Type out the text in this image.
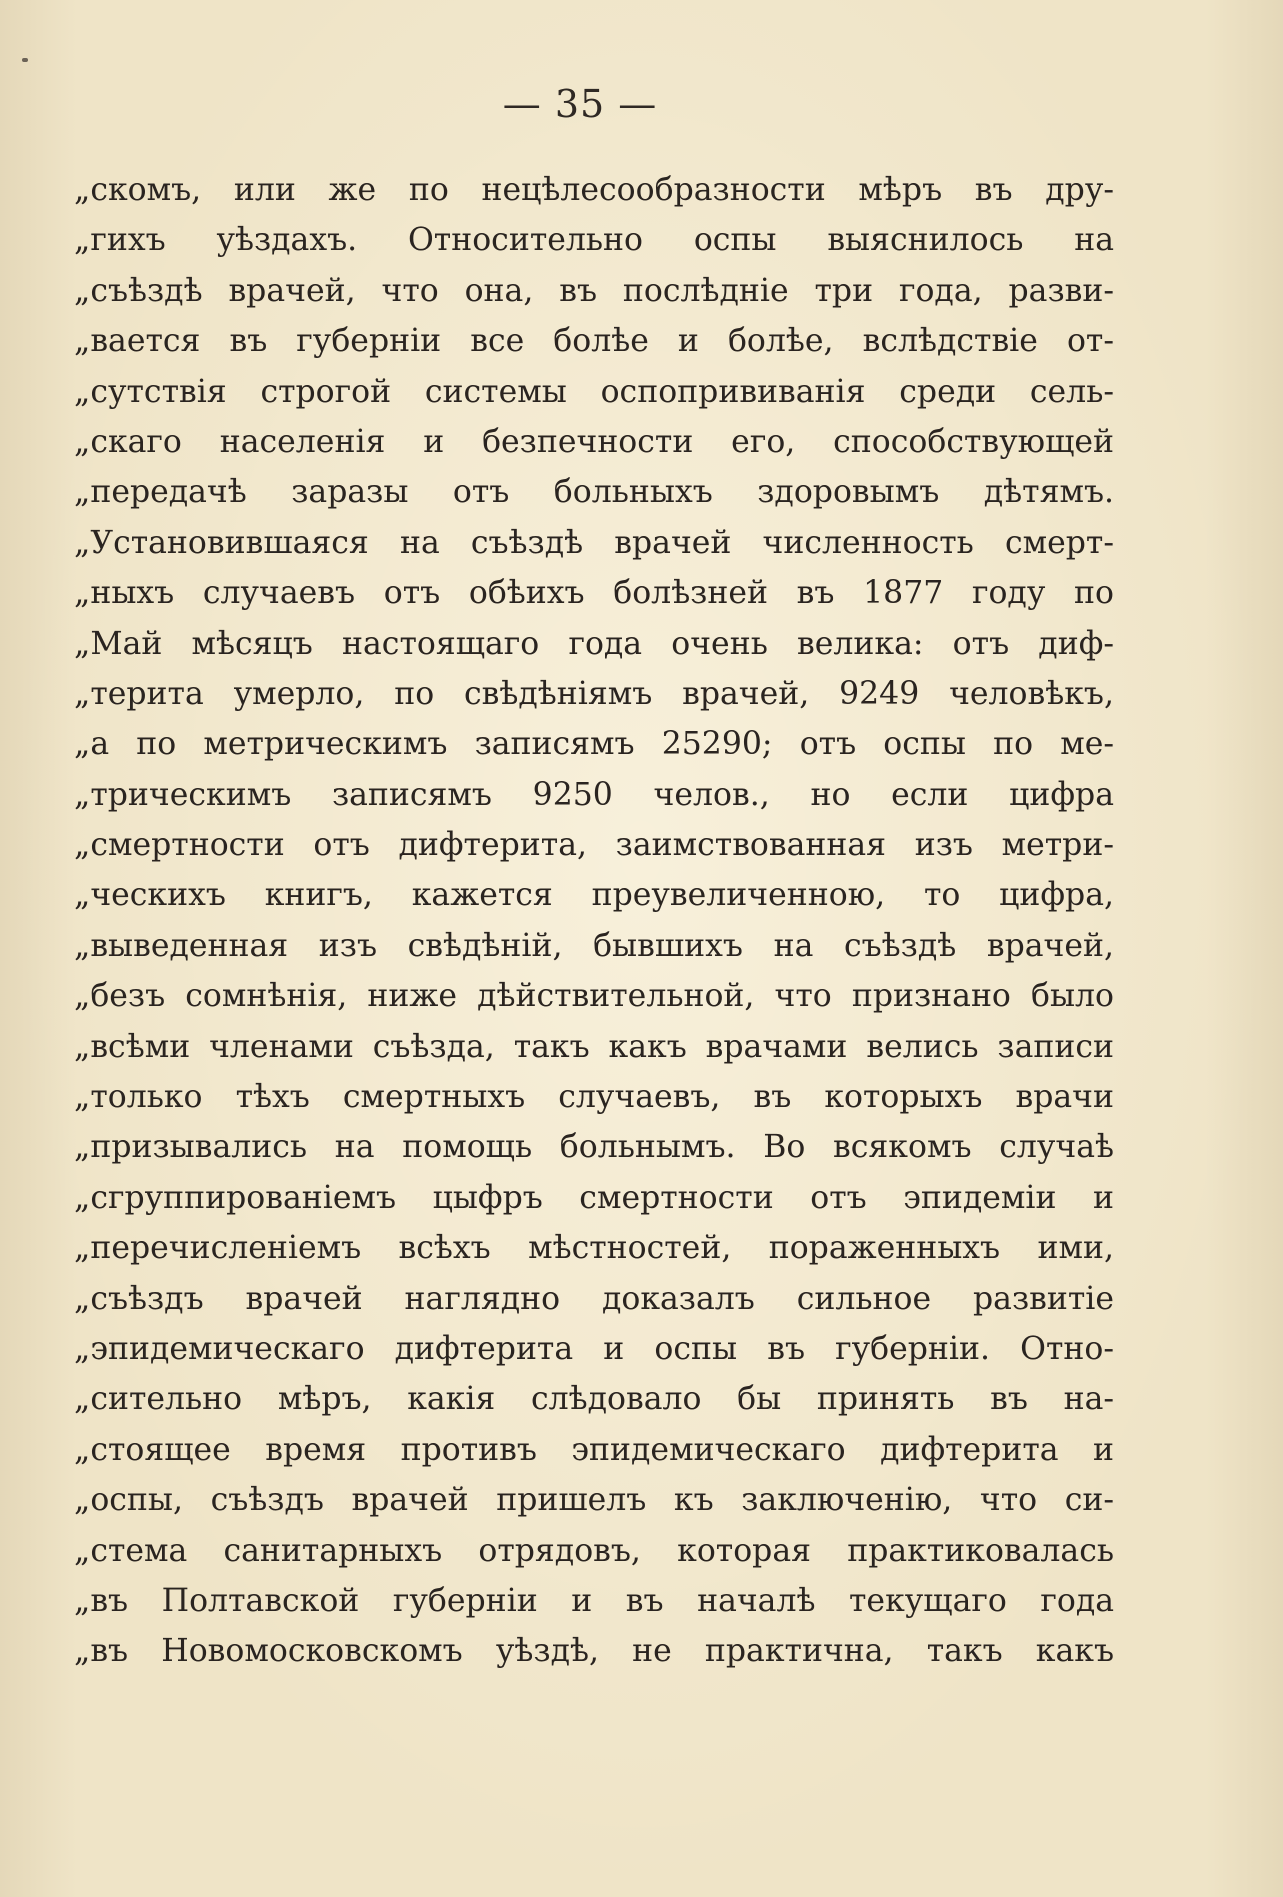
— 35 —
„скомъ, или же по нецѣлесообразности мѣръ въ дру-
„гихъ уѣздахъ. Относительно оспы выяснилось на
„съѣздѣ врачей, что она, въ послѣдніе три года, разви-
„вается въ губерніи все болѣе и болѣе, вслѣдствіе от-
„сутствія строгой системы оспопрививанія среди сель-
„скаго населенія и безпечности его, способствующей
„передачѣ заразы отъ больныхъ здоровымъ дѣтямъ.
„Установившаяся на съѣздѣ врачей численность смерт-
„ныхъ случаевъ отъ обѣихъ болѣзней въ 1877 году по
„Май мѣсяцъ настоящаго года очень велика: отъ диф-
„терита умерло, по свѣдѣніямъ врачей, 9249 человѣкъ,
„а по метрическимъ записямъ 25290; отъ оспы по ме-
„трическимъ записямъ 9250 челов., но если цифра
„смертности отъ дифтерита, заимствованная изъ метри-
„ческихъ книгъ, кажется преувеличенною, то цифра,
„выведенная изъ свѣдѣній, бывшихъ на съѣздѣ врачей,
„безъ сомнѣнія, ниже дѣйствительной, что признано было
„всѣми членами съѣзда, такъ какъ врачами велись записи
„только тѣхъ смертныхъ случаевъ, въ которыхъ врачи
„призывались на помощь больнымъ. Во всякомъ случаѣ
„сгруппированіемъ цыфръ смертности отъ эпидеміи и
„перечисленіемъ всѣхъ мѣстностей, пораженныхъ ими,
„съѣздъ врачей наглядно доказалъ сильное развитіе
„эпидемическаго дифтерита и оспы въ губерніи. Отно-
„сительно мѣръ, какія слѣдовало бы принять въ на-
„стоящее время противъ эпидемическаго дифтерита и
„оспы, съѣздъ врачей пришелъ къ заключенію, что си-
„стема санитарныхъ отрядовъ, которая практиковалась
„въ Полтавской губерніи и въ началѣ текущаго года
„въ Новомосковскомъ уѣздѣ, не практична, такъ какъ
